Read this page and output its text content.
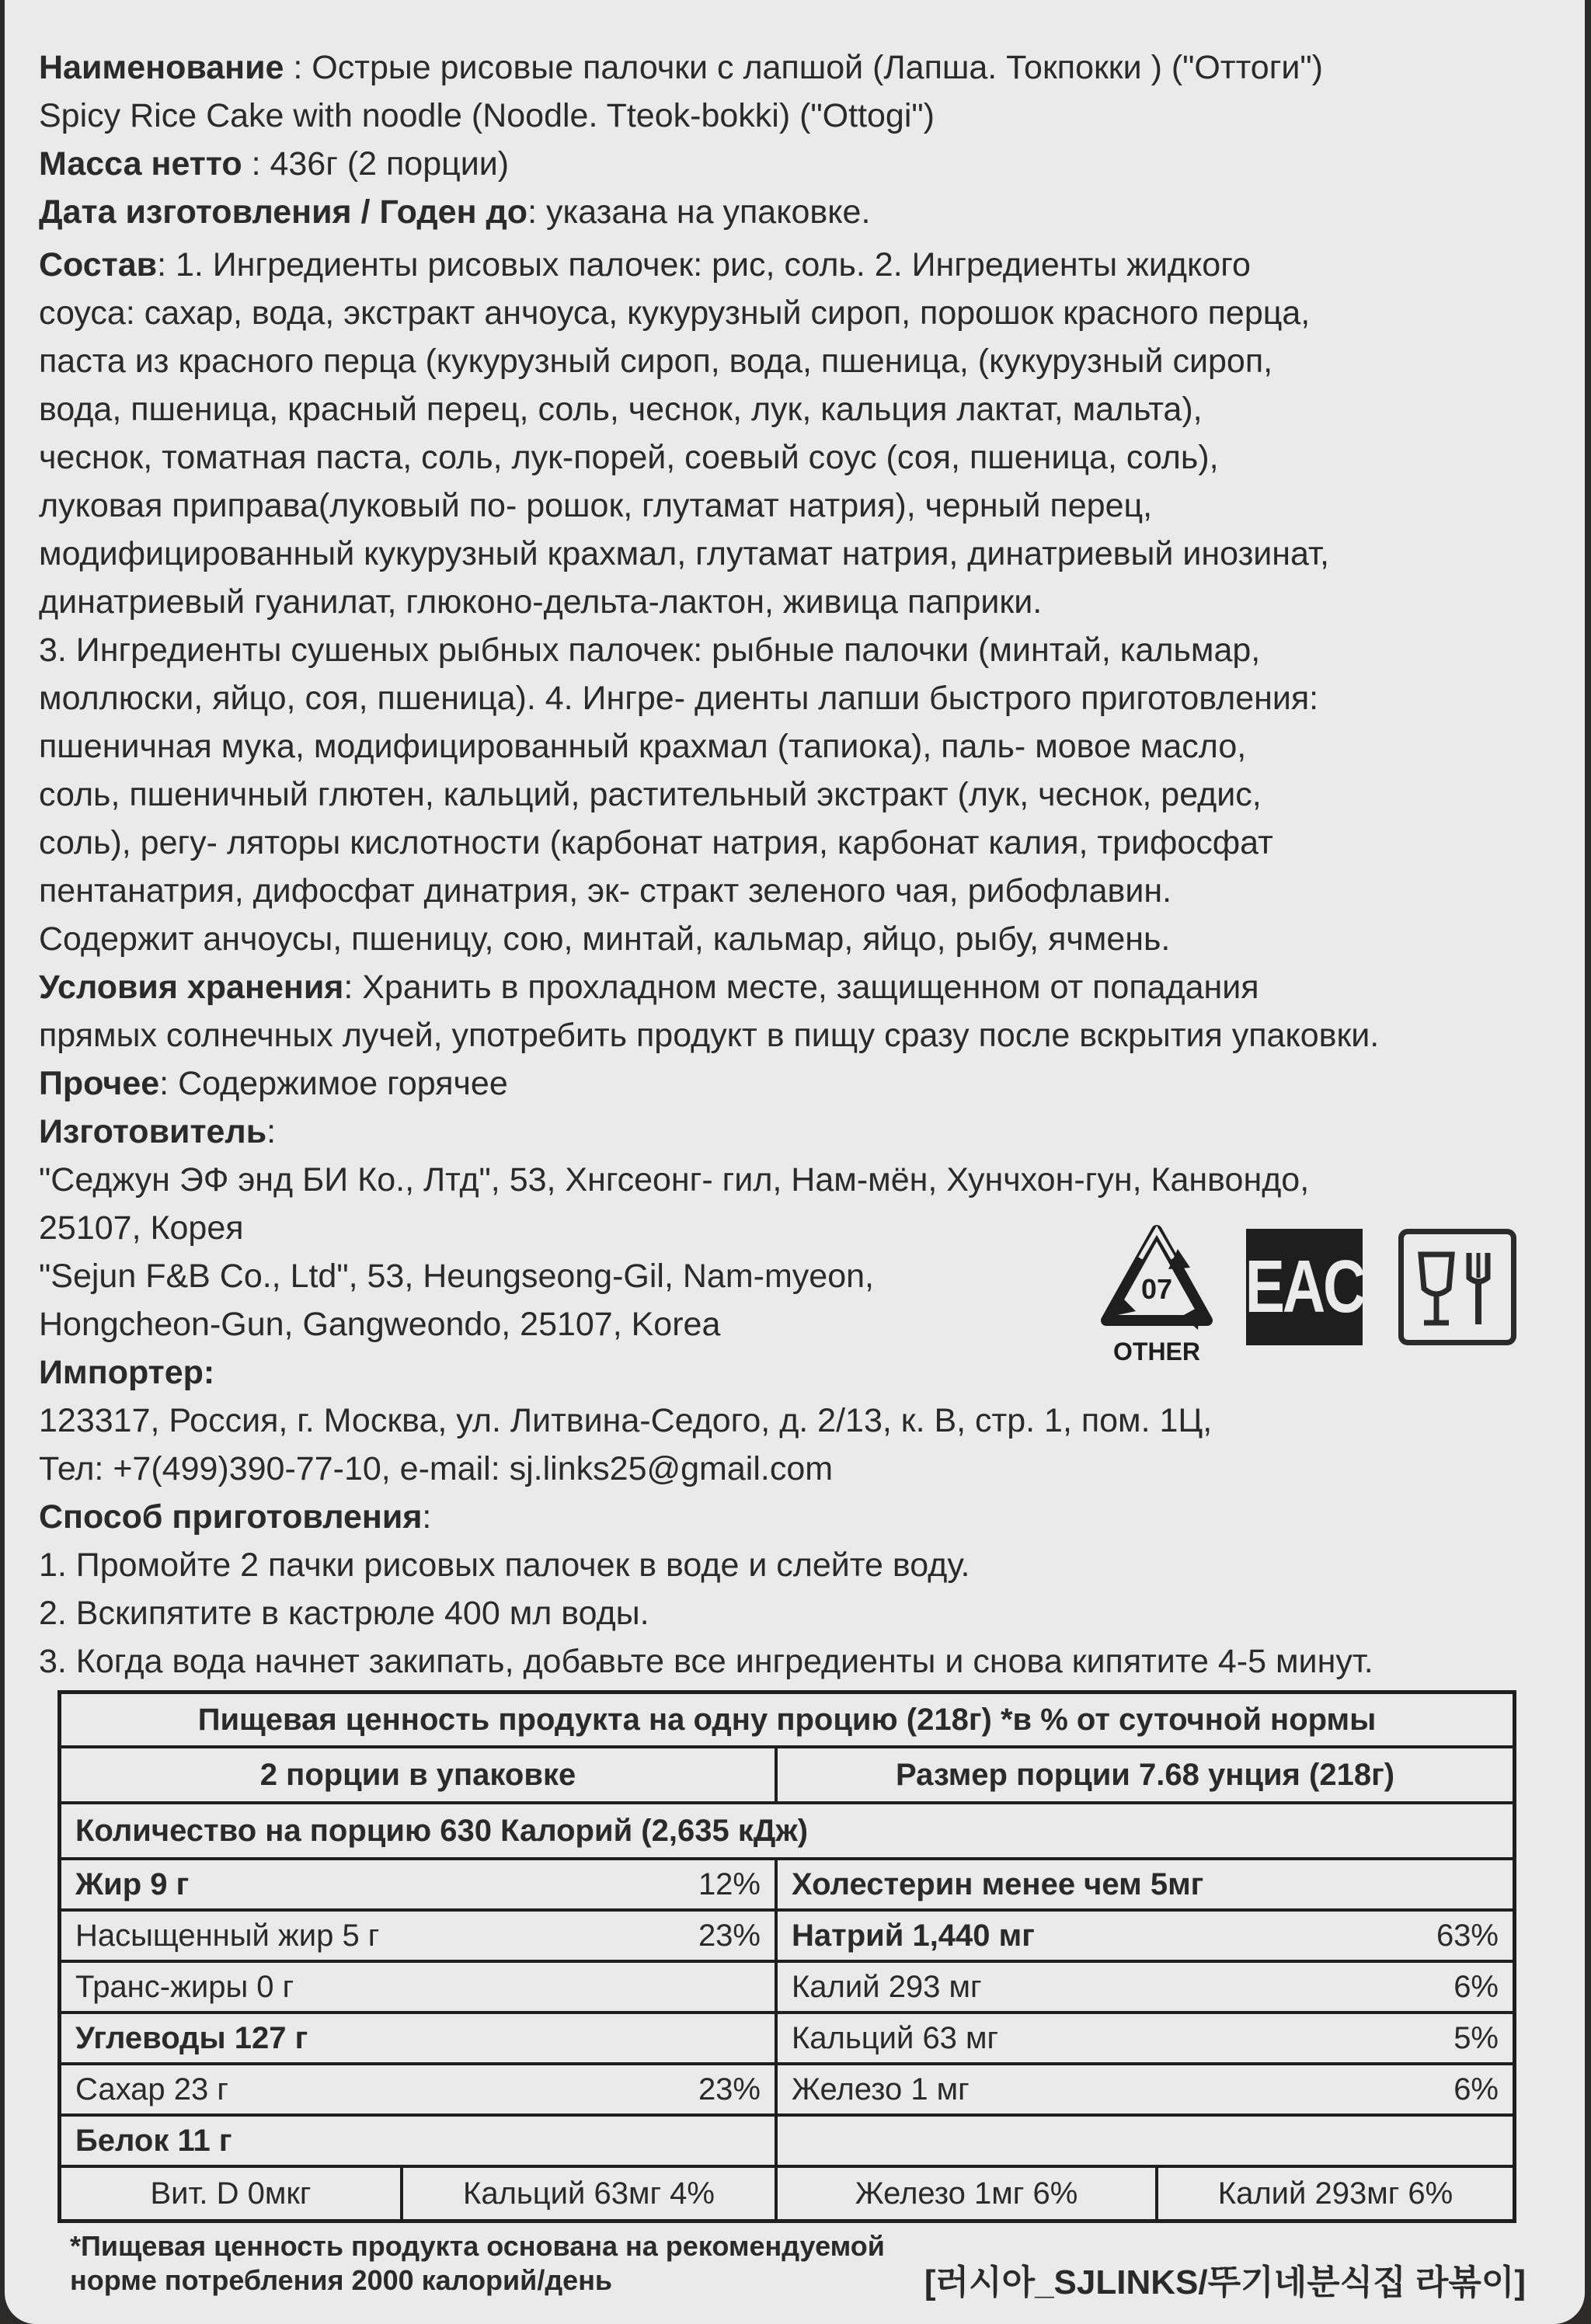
Наименование : Острые рисовые палочки с лапшой (Лапша. Токпокки ) ("Оттоги")
Spicy Rice Cake with noodle (Noodle. Tteok-bokki) ("Ottogi")
Масса нетто : 436г (2 порции)
Дата изготовления / Годен до: указана на упаковке.
Состав: 1. Ингредиенты рисовых палочек: рис, соль. 2. Ингредиенты жидкого
соуса: сахар, вода, экстракт анчоуса, кукурузный сироп, порошок красного перца,
паста из красного перца (кукурузный сироп, вода, пшеница, (кукурузный сироп,
вода, пшеница, красный перец, соль, чеснок, лук, кальция лактат, мальта),
чеснок, томатная паста, соль, лук-порей, соевый соус (соя, пшеница, соль),
луковая приправа(луковый по- рошок, глутамат натрия), черный перец,
модифицированный кукурузный крахмал, глутамат натрия, динатриевый инозинат,
динатриевый гуанилат, глюконо-дельта-лактон, живица паприки.
3. Ингредиенты сушеных рыбных палочек: рыбные палочки (минтай, кальмар,
моллюски, яйцо, соя, пшеница). 4. Ингре- диенты лапши быстрого приготовления:
пшеничная мука, модифицированный крахмал (тапиока), паль- мовое масло,
соль, пшеничный глютен, кальций, растительный экстракт (лук, чеснок, редис,
соль), регу- ляторы кислотности (карбонат натрия, карбонат калия, трифосфат
пентанатрия, дифосфат динатрия, эк- стракт зеленого чая, рибофлавин.
Содержит анчоусы, пшеницу, сою, минтай, кальмар, яйцо, рыбу, ячмень.
Условия хранения: Хранить в прохладном месте, защищенном от попадания
прямых солнечных лучей, употребить продукт в пищу сразу после вскрытия упаковки.
Прочее: Содержимое горячее
Изготовитель:
"Седжун ЭФ энд БИ Ко., Лтд", 53, Хнгсеонг- гил, Нам-мён, Хунчхон-гун, Канвондо,
25107, Корея
"Sejun F&B Co., Ltd", 53, Heungseong-Gil, Nam-myeon,
Hongcheon-Gun, Gangweondo, 25107, Korea
Импортер:
123317, Россия, г. Москва, ул. Литвина-Седого, д. 2/13, к. В, стр. 1, пом. 1Ц,
Тел: +7(499)390-77-10, e-mail: sj.links25@gmail.com
Способ приготовления:
1. Промойте 2 пачки рисовых палочек в воде и слейте воду.
2. Вскипятите в кастрюле 400 мл воды.
3. Когда вода начнет закипать, добавьте все ингредиенты и снова кипятите 4-5 минут.
07
OTHER
EAC
Пищевая ценность продукта на одну процию (218г) *в % от суточной нормы
2 порции в упаковке	Размер порции 7.68 унция (218г)
Количество на порцию 630 Калорий (2,635 кДж)
Жир 9 г	12% Холестерин менее чем 5мг
Насыщенный жир 5 г	23% Натрий 1,440 мг	63%
Транс-жиры 0 г	Калий 293 мг	6%
Углеводы 127 г	Кальций 63 мг	5%
Сахар 23 г	23% Железо 1 мг	6%
Белок 11 г
Вит. D 0мкг	Кальций 63мг 4%	Железо 1мг 6%	Калий 293мг 6%
*Пищевая ценность продукта основана на рекомендуемой
норме потребления 2000 калорий/день	[러시아_SJLINKS/뚜기네분식집 라볶이]
